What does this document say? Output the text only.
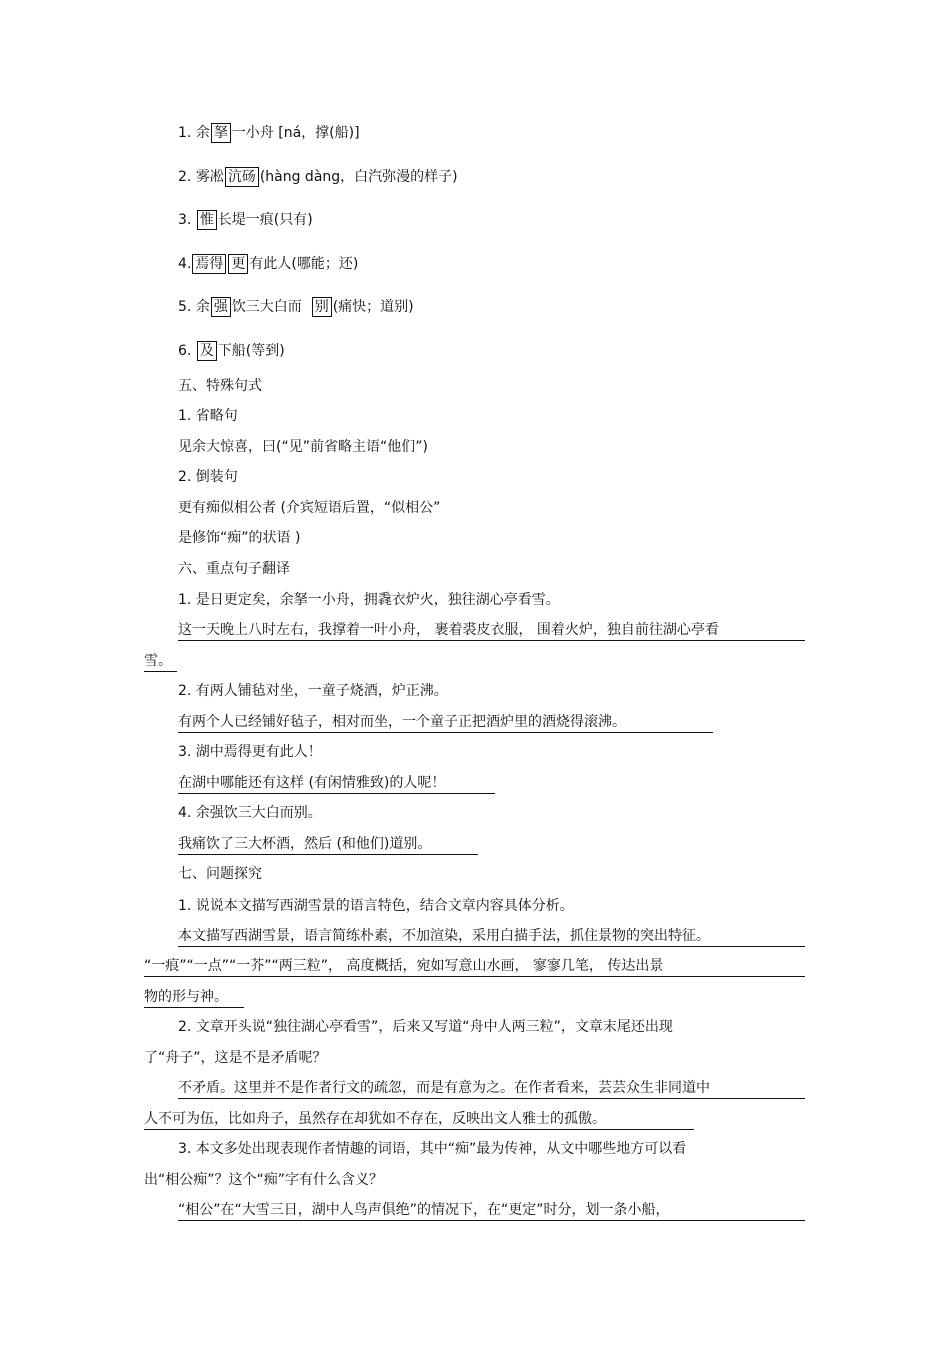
1. 余 拏 一小舟 [ná，撑(船)]
2. 雾凇 沆砀 (hàng dàng，白汽弥漫的样子)
3. 惟 长堤一痕(只有)
4. 焉得 更 有此人(哪能；还)
5. 余 强 饮三大白而 别 (痛快；道别)
6. 及 下船(等到)
五、特殊句式
1. 省略句
见余大惊喜，曰(“见”前省略主语“他们”)
2. 倒装句
更有痴似相公者 (介宾短语后置，“似相公”
是修饰“痴”的状语 )
六、重点句子翻译
1. 是日更定矣，余拏一小舟，拥毳衣炉火，独往湖心亭看雪。
这一天晚上八时左右，我撑着一叶小舟， 裹着裘皮衣服， 围着火炉，独自前往湖心亭看
雪。
2. 有两人铺毡对坐，一童子烧酒，炉正沸。
有两个人已经铺好毡子，相对而坐，一个童子正把酒炉里的酒烧得滚沸。
3. 湖中焉得更有此人！
在湖中哪能还有这样 (有闲情雅致)的人呢！
4. 余强饮三大白而别。
我痛饮了三大杯酒，然后 (和他们)道别。
七、问题探究
1. 说说本文描写西湖雪景的语言特色，结合文章内容具体分析。
本文描写西湖雪景，语言简练朴素，不加渲染，采用白描手法，抓住景物的突出特征。
“一痕”“一点”“一芥”“两三粒”， 高度概括，宛如写意山水画， 寥寥几笔， 传达出景
物的形与神。
2. 文章开头说“独往湖心亭看雪”，后来又写道“舟中人两三粒”，文章末尾还出现
了“舟子”，这是不是矛盾呢？
不矛盾。这里并不是作者行文的疏忽，而是有意为之。在作者看来，芸芸众生非同道中
人不可为伍，比如舟子，虽然存在却犹如不存在，反映出文人雅士的孤傲。
3. 本文多处出现表现作者情趣的词语，其中“痴”最为传神，从文中哪些地方可以看
出“相公痴”？这个“痴”字有什么含义？
“相公”在“大雪三日，湖中人鸟声俱绝”的情况下，在“更定”时分，划一条小船，
